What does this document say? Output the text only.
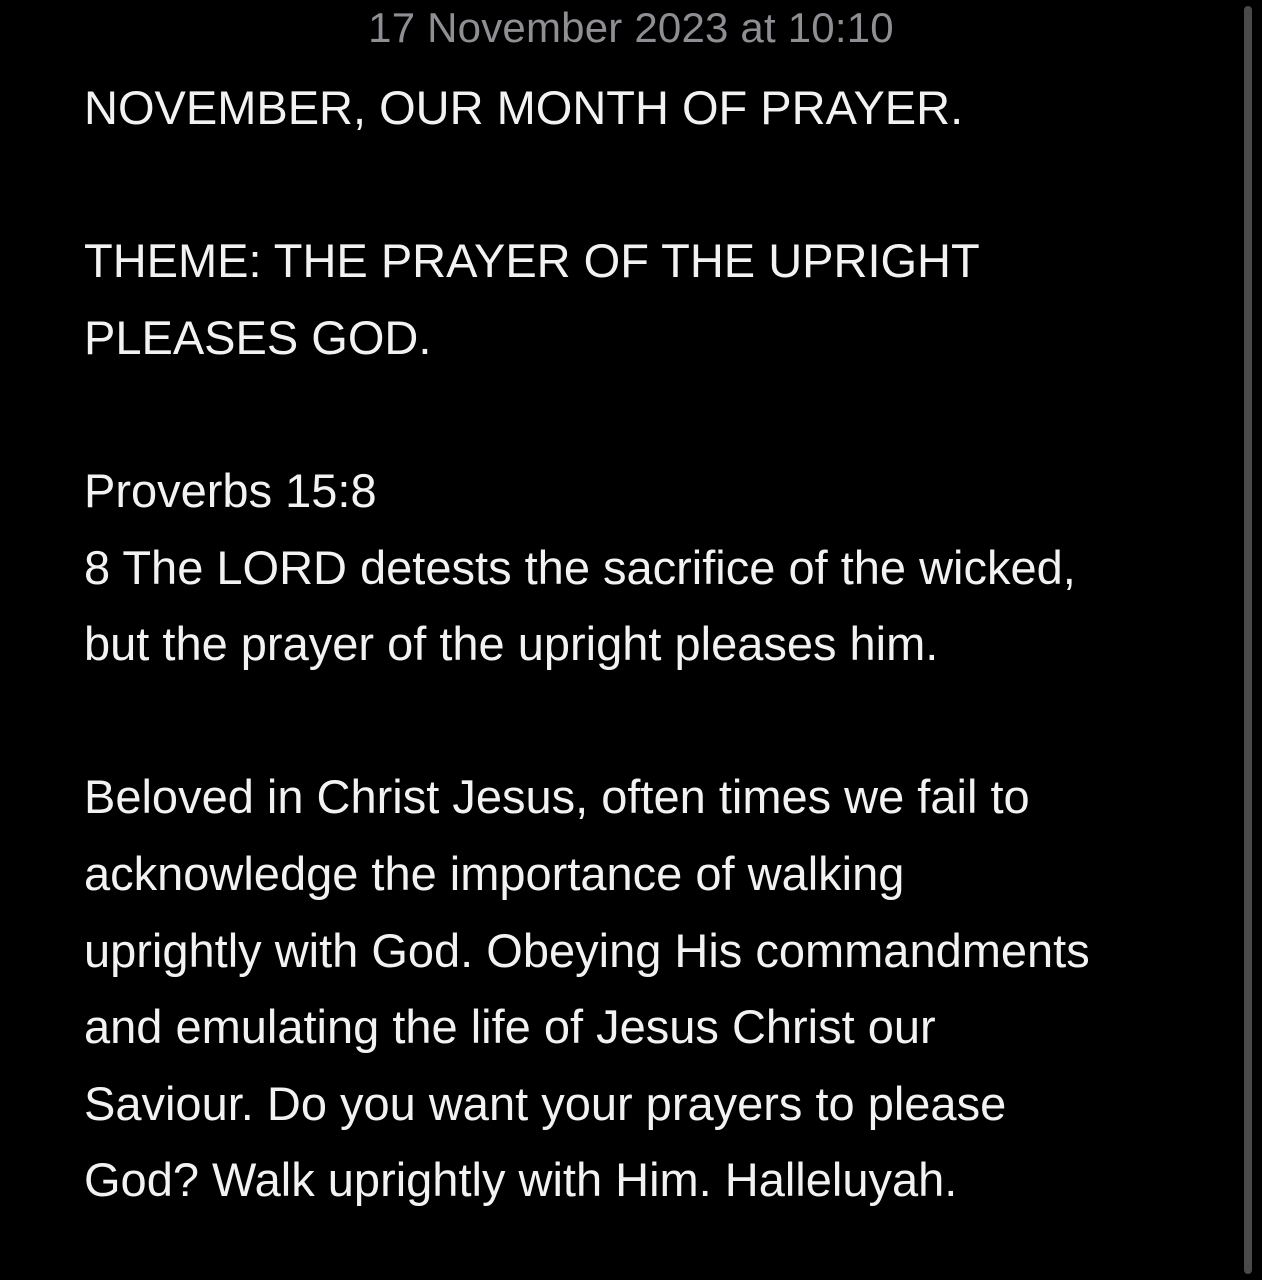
17 November 2023 at 10:10

NOVEMBER, OUR MONTH OF PRAYER.

THEME: THE PRAYER OF THE UPRIGHT

PLEASES GOD.

Proverbs 15:8

8 The LORD detests the sacrifice of the wicked,

but the prayer of the upright pleases him.

Beloved in Christ Jesus, often times we fail to

acknowledge the importance of walking

uprightly with God. Obeying His commandments

and emulating the life of Jesus Christ our

Saviour. Do you want your prayers to please

God? Walk uprightly with Him. Halleluyah.
